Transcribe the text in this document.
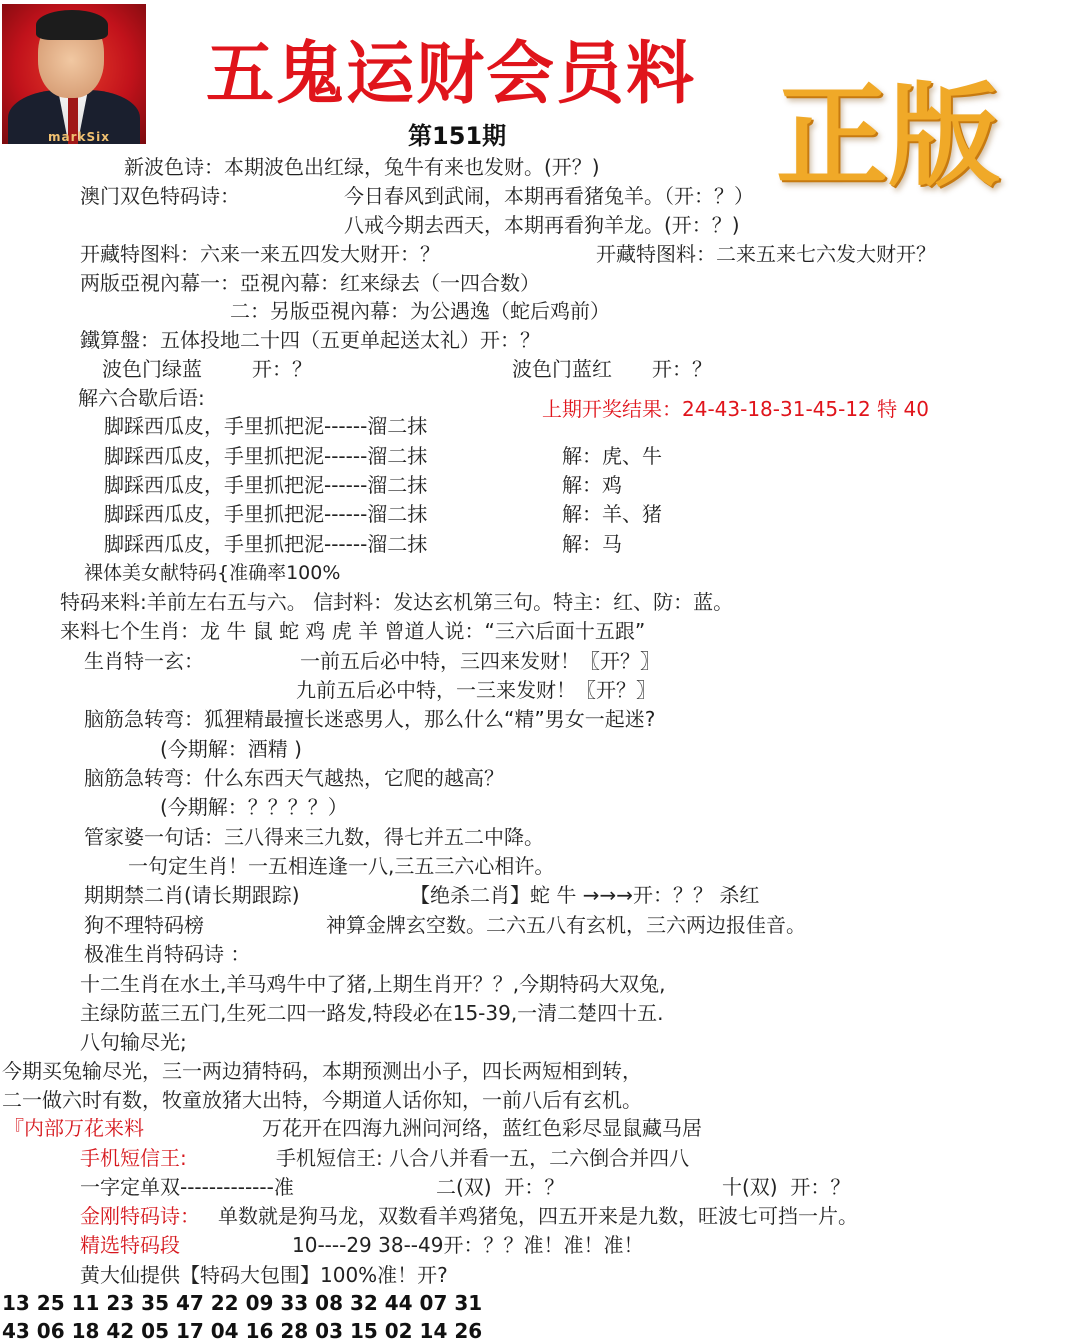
markSix
五鬼运财会员料
第151期 正版
上期开奖结果：24-43-18-31-45-12 特 40
新波色诗：本期波色出红绿，兔牛有来也发财。(开？)
澳门双色特码诗：	今日春风到武闹，本期再看猪兔羊。（开：？）
八戒今期去西天，本期再看狗羊龙。(开：？)
开藏特图料：六来一来五四发大财开：？	开藏特图料：二来五来七六发大财开？
两版亞視內幕一：亞視內幕：红来绿去（一四合数）
二：另版亞視內幕：为公遇逸（蛇后鸡前）
鐵算盤：五体投地二十四（五更单起送太礼）开：？
波色门绿蓝	开：？	波色门蓝红 开：？
解六合歇后语:
脚踩西瓜皮，手里抓把泥------溜二抹
脚踩西瓜皮，手里抓把泥------溜二抹	解：虎、牛
脚踩西瓜皮，手里抓把泥------溜二抹	解：鸡
脚踩西瓜皮，手里抓把泥------溜二抹	解：羊、猪
脚踩西瓜皮，手里抓把泥------溜二抹	解：马
裸体美女献特码{准确率100%
特码来料:羊前左右五与六。 信封料：发达玄机第三句。特主：红、防：蓝。
来料七个生肖：龙 牛 鼠 蛇 鸡 虎 羊 曾道人说：“三六后面十五跟”
生肖特一玄：	一前五后必中特，三四来发财！〖开？〗
九前五后必中特，一三来发财！〖开？〗
脑筋急转弯：狐狸精最擅长迷惑男人，那么什么“精”男女一起迷?
(今期解：酒精 )
脑筋急转弯：什么东西天气越热，它爬的越高？
(今期解：？？？？）
管家婆一句话：三八得来三九数，得七并五二中降。
一句定生肖！一五相连逢一八,三五三六心相许。
期期禁二肖(请长期跟踪)	【绝杀二肖】蛇 牛 →→→开：？？ 杀红
狗不理特码榜	神算金牌玄空数。二六五八有玄机，三六两边报佳音。
极准生肖特码诗 ：
十二生肖在水土,羊马鸡牛中了猪,上期生肖开？？,今期特码大双兔,
主绿防蓝三五门,生死二四一路发,特段必在15-39,一清二楚四十五.
八句输尽光;
今期买兔输尽光，三一两边猜特码，本期预测出小子，四长两短相到转，
二一做六时有数，牧童放猪大出特，今期道人话你知，一前八后有玄机。
『内部万花来料	万花开在四海九洲问河络，蓝红色彩尽显鼠藏马居
手机短信王:	手机短信王: 八合八并看一五，二六倒合并四八
一字定单双-------------准	二(双)  开：？	十(双)  开：？
金刚特码诗： 单数就是狗马龙，双数看羊鸡猪兔，四五开来是九数，旺波七可挡一片。
精选特码段	10----29 38--49开：？？准！准！准！
黄大仙提供【特码大包围】100%准！开?
13 25 11 23 35 47 22 09 33 08 32 44 07 31
43 06 18 42 05 17 04 16 28 03 15 02 14 26
